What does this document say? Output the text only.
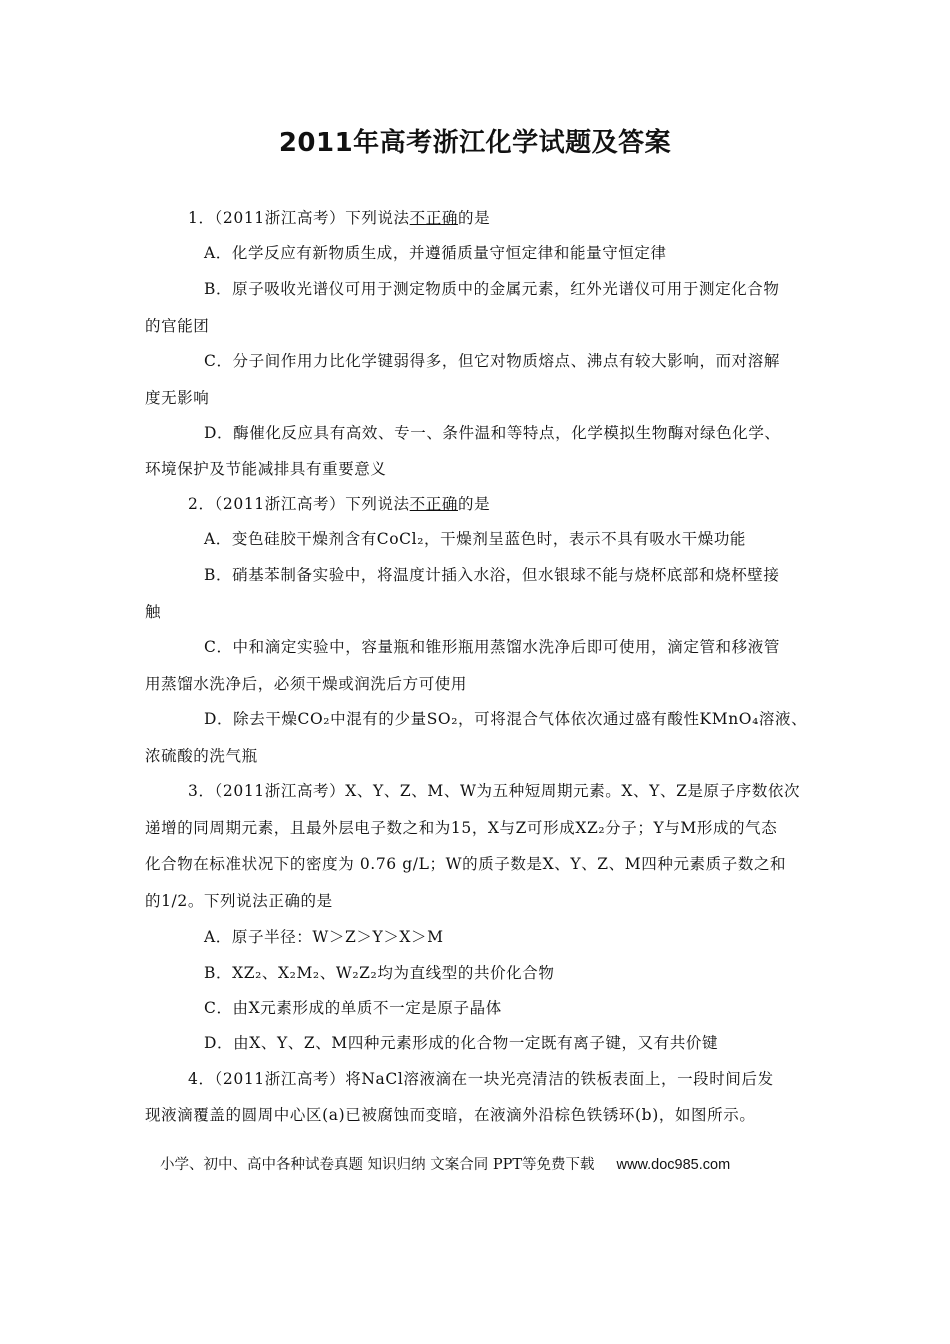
2011年高考浙江化学试题及答案
1．（2011浙江高考）下列说法不正确的是
A．化学反应有新物质生成，并遵循质量守恒定律和能量守恒定律
B．原子吸收光谱仪可用于测定物质中的金属元素，红外光谱仪可用于测定化合物
的官能团
C．分子间作用力比化学键弱得多，但它对物质熔点、沸点有较大影响，而对溶解
度无影响
D．酶催化反应具有高效、专一、条件温和等特点，化学模拟生物酶对绿色化学、
环境保护及节能减排具有重要意义
2．（2011浙江高考）下列说法不正确的是
A．变色硅胶干燥剂含有CoCl₂，干燥剂呈蓝色时，表示不具有吸水干燥功能
B．硝基苯制备实验中，将温度计插入水浴，但水银球不能与烧杯底部和烧杯壁接
触
C．中和滴定实验中，容量瓶和锥形瓶用蒸馏水洗净后即可使用，滴定管和移液管
用蒸馏水洗净后，必须干燥或润洗后方可使用
D．除去干燥CO₂中混有的少量SO₂，可将混合气体依次通过盛有酸性KMnO₄溶液、
浓硫酸的洗气瓶
3．（2011浙江高考）X、Y、Z、M、W为五种短周期元素。X、Y、Z是原子序数依次
递增的同周期元素，且最外层电子数之和为15，X与Z可形成XZ₂分子；Y与M形成的气态
化合物在标准状况下的密度为 0.76 g/L；W的质子数是X、Y、Z、M四种元素质子数之和
的1/2。下列说法正确的是
A．原子半径：W＞Z＞Y＞X＞M
B．XZ₂、X₂M₂、W₂Z₂均为直线型的共价化合物
C．由X元素形成的单质不一定是原子晶体
D．由X、Y、Z、M四种元素形成的化合物一定既有离子键，又有共价键
4．（2011浙江高考）将NaCl溶液滴在一块光亮清洁的铁板表面上，一段时间后发
现液滴覆盖的圆周中心区(a)已被腐蚀而变暗，在液滴外沿棕色铁锈环(b)，如图所示。
小学、初中、高中各种试卷真题 知识归纳 文案合同 PPT等免费下载 www.doc985.com
